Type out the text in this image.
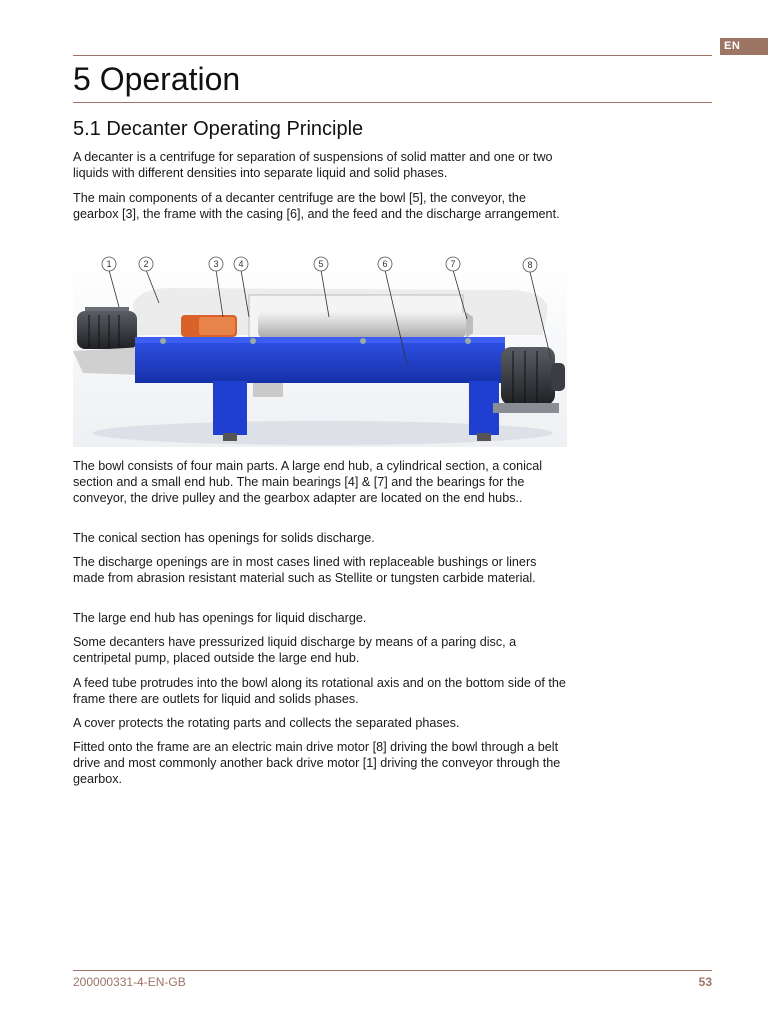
EN
5 Operation
5.1 Decanter Operating Principle

A decanter is a centrifuge for separation of suspensions of solid matter and one or two liquids with different densities into separate liquid and solid phases.

The main components of a decanter centrifuge are the bowl [5], the conveyor, the gearbox [3], the frame with the casing [6], and the feed and the discharge arrangement.

1	2	3 4	5	6	7	8

The bowl consists of four main parts. A large end hub, a cylindrical section, a conical section and a small end hub. The main bearings [4] & [7] and the bearings for the conveyor, the drive pulley and the gearbox adapter are located on the end hubs..

The conical section has openings for solids discharge.

The discharge openings are in most cases lined with replaceable bushings or liners made from abrasion resistant material such as Stellite or tungsten carbide material.

The large end hub has openings for liquid discharge.

Some decanters have pressurized liquid discharge by means of a paring disc, a centripetal pump, placed outside the large end hub.

A feed tube protrudes into the bowl along its rotational axis and on the bottom side of the frame there are outlets for liquid and solids phases.

A cover protects the rotating parts and collects the separated phases.

Fitted onto the frame are an electric main drive motor [8] driving the bowl through a belt drive and most commonly another back drive motor [1] driving the conveyor through the gearbox.

200000331-4-EN-GB	53
